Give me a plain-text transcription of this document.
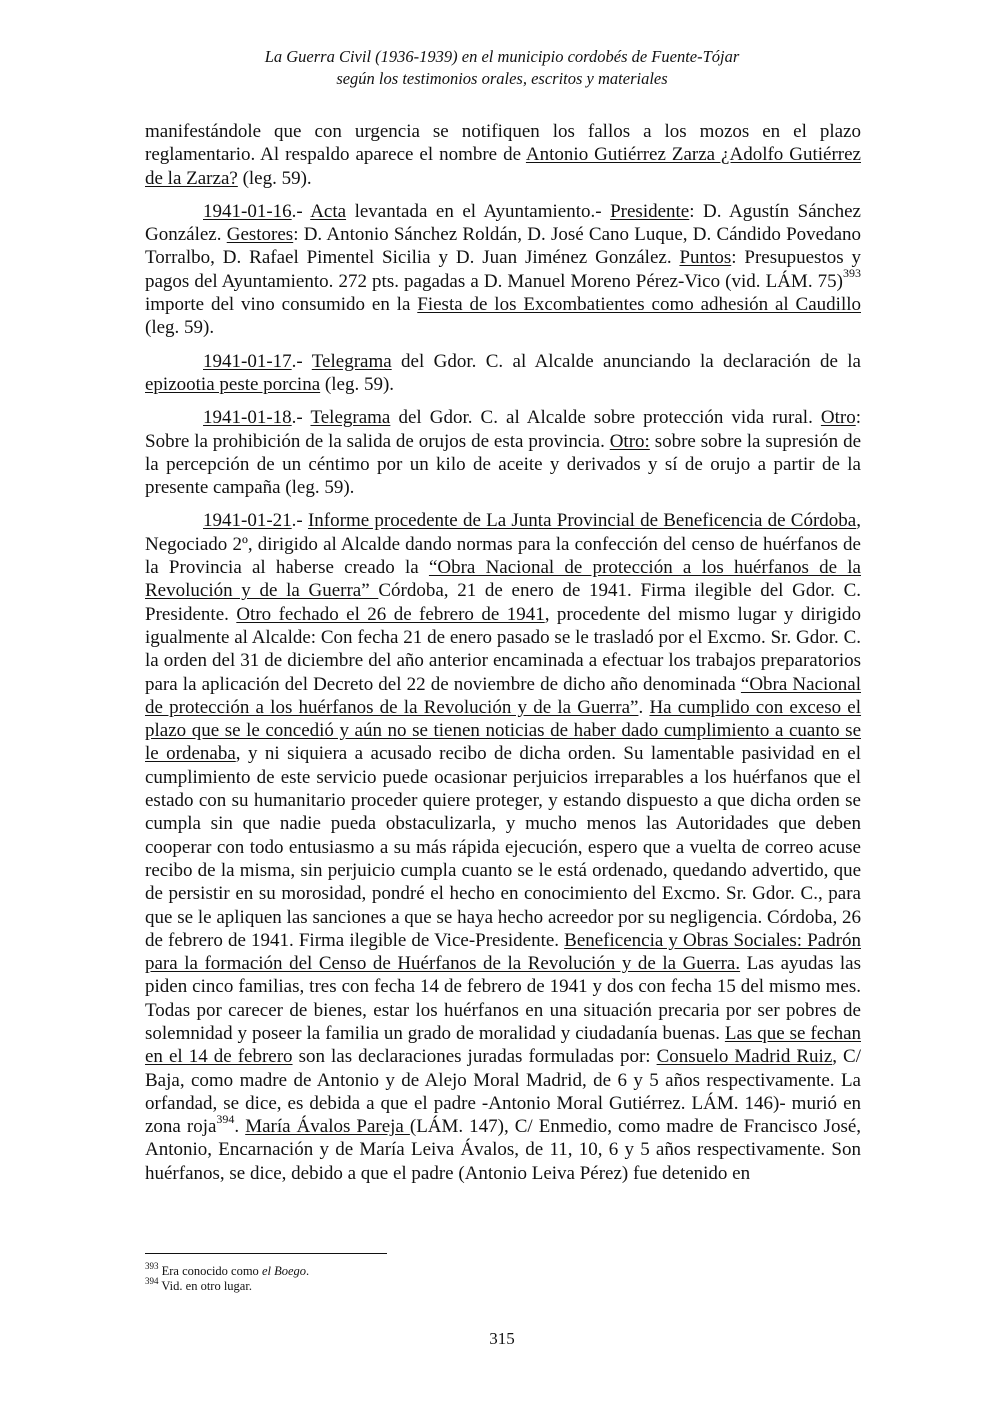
La Guerra Civil (1936-1939) en el municipio cordobés de Fuente-Tójar
según los testimonios orales, escritos y materiales

manifestándole que con urgencia se notifiquen los fallos a los mozos en el plazo reglamentario. Al respaldo aparece el nombre de Antonio Gutiérrez Zarza ¿Adolfo Gutiérrez de la Zarza? (leg. 59).

1941-01-16.- Acta levantada en el Ayuntamiento.- Presidente: D. Agustín Sánchez González. Gestores: D. Antonio Sánchez Roldán, D. José Cano Luque, D. Cándido Povedano Torralbo, D. Rafael Pimentel Sicilia y D. Juan Jiménez González. Puntos: Presupuestos y pagos del Ayuntamiento. 272 pts. pagadas a D. Manuel Moreno Pérez-Vico (vid. LÁM. 75)$^{393}$ importe del vino consumido en la Fiesta de los Excombatientes como adhesión al Caudillo (leg. 59).

1941-01-17.- Telegrama del Gdor. C. al Alcalde anunciando la declaración de la epizootia peste porcina (leg. 59).

1941-01-18.- Telegrama del Gdor. C. al Alcalde sobre protección vida rural. Otro: Sobre la prohibición de la salida de orujos de esta provincia. Otro: sobre sobre la supresión de la percepción de un céntimo por un kilo de aceite y derivados y sí de orujo a partir de la presente campaña (leg. 59).

1941-01-21.- Informe procedente de La Junta Provincial de Beneficencia de Córdoba, Negociado 2º, dirigido al Alcalde dando normas para la confección del censo de huérfanos de la Provincia al haberse creado la “Obra Nacional de protección a los huérfanos de la Revolución y de la Guerra” Córdoba, 21 de enero de 1941. Firma ilegible del Gdor. C. Presidente. Otro fechado el 26 de febrero de 1941, procedente del mismo lugar y dirigido igualmente al Alcalde: Con fecha 21 de enero pasado se le trasladó por el Excmo. Sr. Gdor. C. la orden del 31 de diciembre del año anterior encaminada a efectuar los trabajos preparatorios para la aplicación del Decreto del 22 de noviembre de dicho año denominada “Obra Nacional de protección a los huérfanos de la Revolución y de la Guerra”. Ha cumplido con exceso el plazo que se le concedió y aún no se tienen noticias de haber dado cumplimiento a cuanto se le ordenaba, y ni siquiera a acusado recibo de dicha orden. Su lamentable pasividad en el cumplimiento de este servicio puede ocasionar perjuicios irreparables a los huérfanos que el estado con su humanitario proceder quiere proteger, y estando dispuesto a que dicha orden se cumpla sin que nadie pueda obstaculizarla, y mucho menos las Autoridades que deben cooperar con todo entusiasmo a su más rápida ejecución, espero que a vuelta de correo acuse recibo de la misma, sin perjuicio cumpla cuanto se le está ordenado, quedando advertido, que de persistir en su morosidad, pondré el hecho en conocimiento del Excmo. Sr. Gdor. C., para que se le apliquen las sanciones a que se haya hecho acreedor por su negligencia. Córdoba, 26 de febrero de 1941. Firma ilegible de Vice-Presidente. Beneficencia y Obras Sociales: Padrón para la formación del Censo de Huérfanos de la Revolución y de la Guerra. Las ayudas las piden cinco familias, tres con fecha 14 de febrero de 1941 y dos con fecha 15 del mismo mes. Todas por carecer de bienes, estar los huérfanos en una situación precaria por ser pobres de solemnidad y poseer la familia un grado de moralidad y ciudadanía buenas. Las que se fechan en el 14 de febrero son las declaraciones juradas formuladas por: Consuelo Madrid Ruiz, C/ Baja, como madre de Antonio y de Alejo Moral Madrid, de 6 y 5 años respectivamente. La orfandad, se dice, es debida a que el padre -Antonio Moral Gutiérrez. LÁM. 146)- murió en zona roja$^{394}$. María Ávalos Pareja (LÁM. 147), C/ Enmedio, como madre de Francisco José, Antonio, Encarnación y de María Leiva Ávalos, de 11, 10, 6 y 5 años respectivamente. Son huérfanos, se dice, debido a que el padre (Antonio Leiva Pérez) fue detenido en

$^{393}$ Era conocido como el Boego.
$^{394}$ Vid. en otro lugar.
315
